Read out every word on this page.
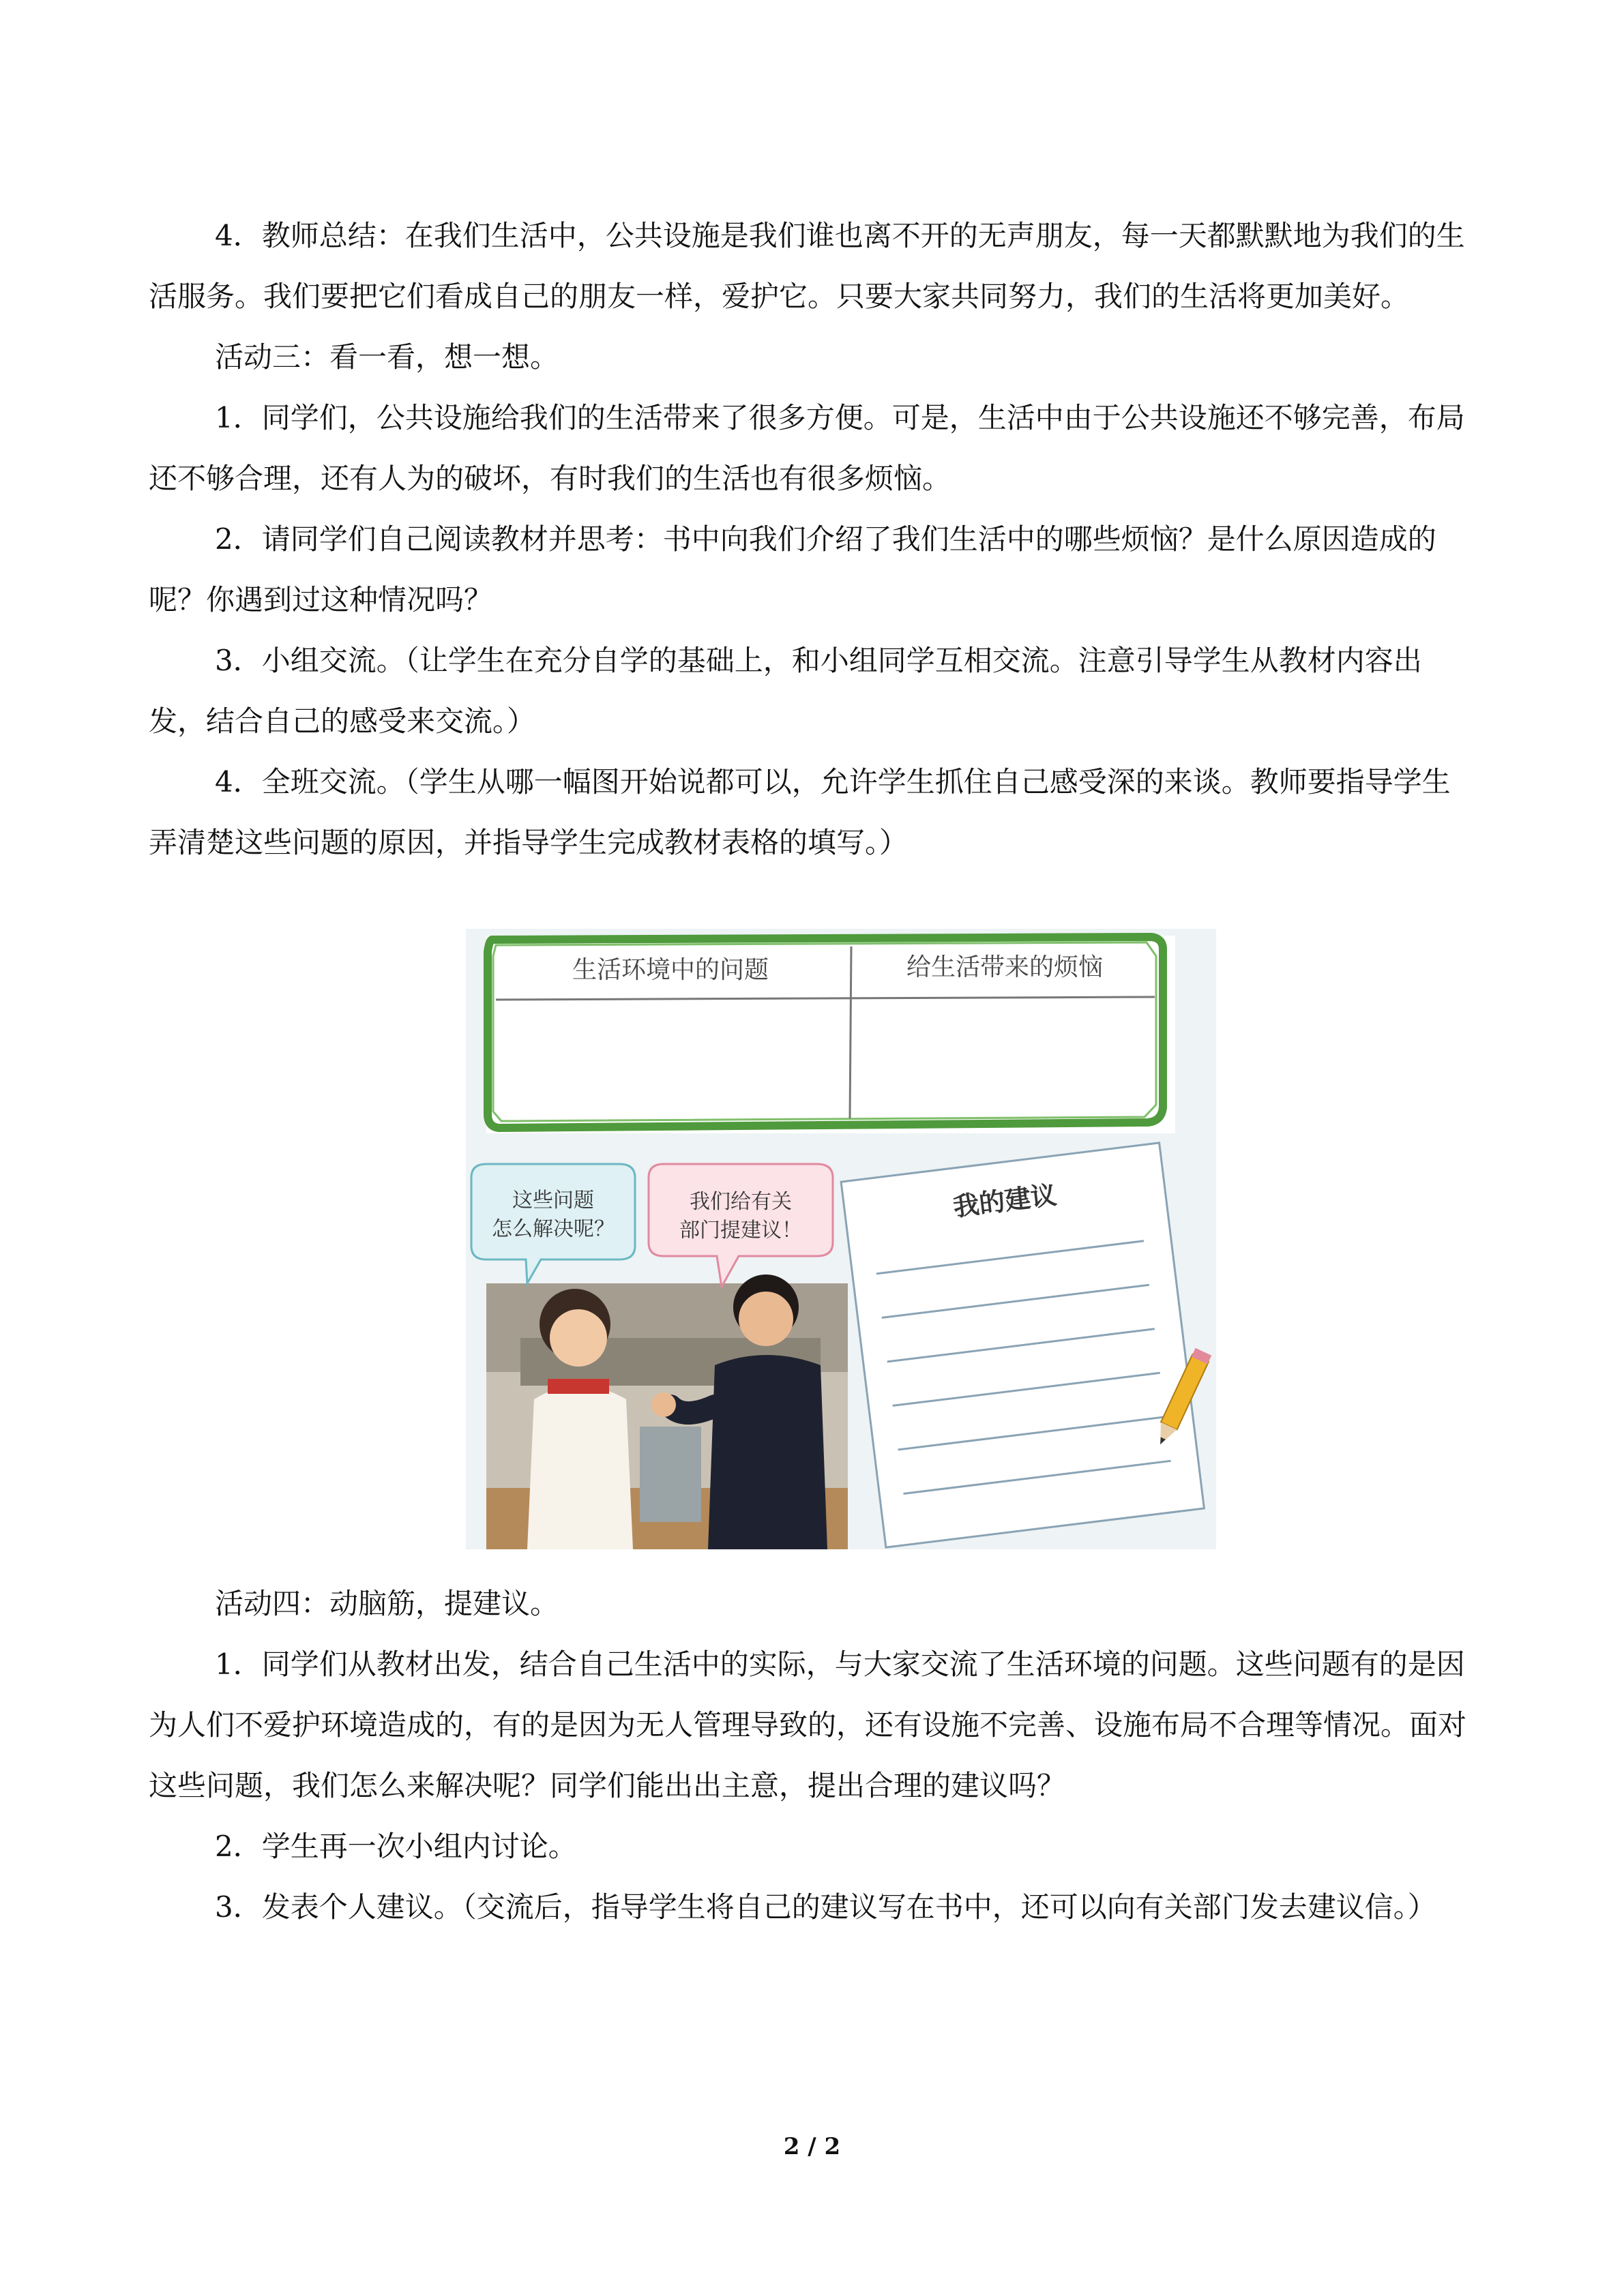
4．教师总结：在我们生活中，公共设施是我们谁也离不开的无声朋友，每一天都默默地为我们的生活服务。我们要把它们看成自己的朋友一样，爱护它。只要大家共同努力，我们的生活将更加美好。

活动三：看一看，想一想。

1．同学们，公共设施给我们的生活带来了很多方便。可是，生活中由于公共设施还不够完善，布局还不够合理，还有人为的破坏，有时我们的生活也有很多烦恼。

2．请同学们自己阅读教材并思考：书中向我们介绍了我们生活中的哪些烦恼？是什么原因造成的呢？你遇到过这种情况吗？

3．小组交流。（让学生在充分自学的基础上，和小组同学互相交流。注意引导学生从教材内容出发，结合自己的感受来交流。）

4．全班交流。（学生从哪一幅图开始说都可以，允许学生抓住自己感受深的来谈。教师要指导学生弄清楚这些问题的原因，并指导学生完成教材表格的填写。）

生活环境中的问题	给生活带来的烦恼
这些问题
怎么解决呢？
我们给有关
部门提建议！
我的建议

活动四：动脑筋，提建议。

1．同学们从教材出发，结合自己生活中的实际，与大家交流了生活环境的问题。这些问题有的是因为人们不爱护环境造成的，有的是因为无人管理导致的，还有设施不完善、设施布局不合理等情况。面对这些问题，我们怎么来解决呢？同学们能出出主意，提出合理的建议吗？

2．学生再一次小组内讨论。

3．发表个人建议。（交流后，指导学生将自己的建议写在书中，还可以向有关部门发去建议信。）

2 / 2
